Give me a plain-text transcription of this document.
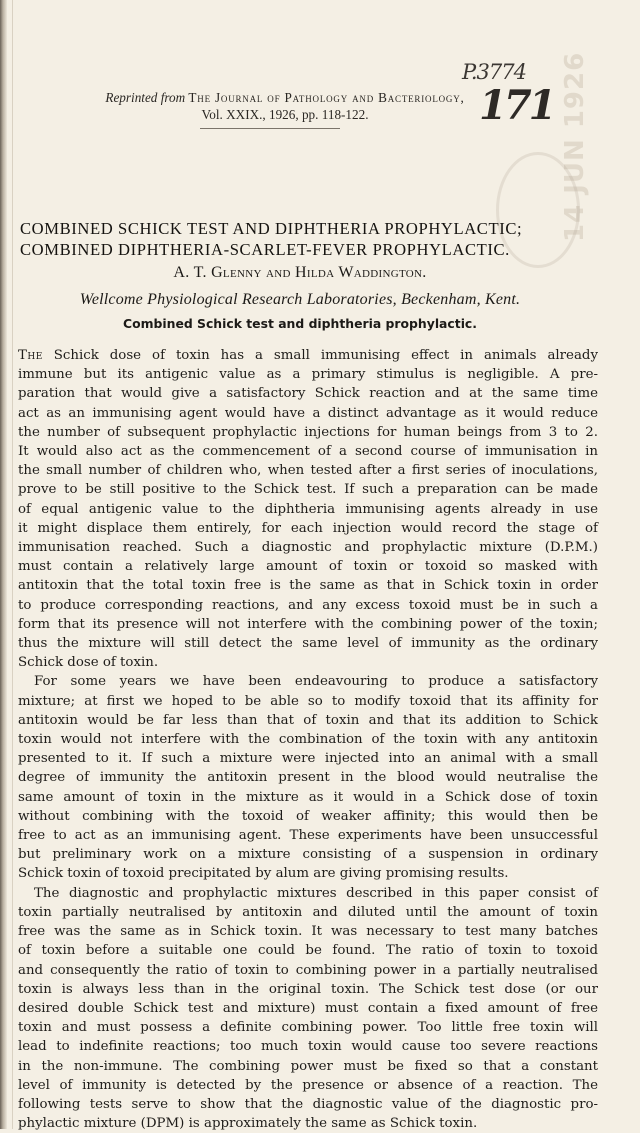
Reprinted from The Journal of Pathology and Bacteriology,
Vol. XXIX., 1926, pp. 118-122.
P.3774
171 14 JUN 1926
COMBINED SCHICK TEST AND DIPHTHERIA PROPHYLACTIC;
COMBINED DIPHTHERIA-SCARLET-FEVER PROPHYLACTIC.
A. T. Glenny and Hilda Waddington.
Wellcome Physiological Research Laboratories, Beckenham, Kent.
Combined Schick test and diphtheria prophylactic.
The Schick dose of toxin has a small immunising effect in animals already
immune but its antigenic value as a primary stimulus is negligible. A pre-
paration that would give a satisfactory Schick reaction and at the same time
act as an immunising agent would have a distinct advantage as it would reduce
the number of subsequent prophylactic injections for human beings from 3 to 2.
It would also act as the commencement of a second course of immunisation in
the small number of children who, when tested after a first series of inoculations,
prove to be still positive to the Schick test. If such a preparation can be made
of equal antigenic value to the diphtheria immunising agents already in use
it might displace them entirely, for each injection would record the stage of
immunisation reached. Such a diagnostic and prophylactic mixture (D.P.M.)
must contain a relatively large amount of toxin or toxoid so masked with
antitoxin that the total toxin free is the same as that in Schick toxin in order
to produce corresponding reactions, and any excess toxoid must be in such a
form that its presence will not interfere with the combining power of the toxin;
thus the mixture will still detect the same level of immunity as the ordinary
Schick dose of toxin.
For some years we have been endeavouring to produce a satisfactory
mixture; at first we hoped to be able so to modify toxoid that its affinity for
antitoxin would be far less than that of toxin and that its addition to Schick
toxin would not interfere with the combination of the toxin with any antitoxin
presented to it. If such a mixture were injected into an animal with a small
degree of immunity the antitoxin present in the blood would neutralise the
same amount of toxin in the mixture as it would in a Schick dose of toxin
without combining with the toxoid of weaker affinity; this would then be
free to act as an immunising agent. These experiments have been unsuccessful
but preliminary work on a mixture consisting of a suspension in ordinary
Schick toxin of toxoid precipitated by alum are giving promising results.
The diagnostic and prophylactic mixtures described in this paper consist of
toxin partially neutralised by antitoxin and diluted until the amount of toxin
free was the same as in Schick toxin. It was necessary to test many batches
of toxin before a suitable one could be found. The ratio of toxin to toxoid
and consequently the ratio of toxin to combining power in a partially neutralised
toxin is always less than in the original toxin. The Schick test dose (or our
desired double Schick test and mixture) must contain a fixed amount of free
toxin and must possess a definite combining power. Too little free toxin will
lead to indefinite reactions; too much toxin would cause too severe reactions
in the non-immune. The combining power must be fixed so that a constant
level of immunity is detected by the presence or absence of a reaction. The
following tests serve to show that the diagnostic value of the diagnostic pro-
phylactic mixture (DPM) is approximately the same as Schick toxin.
